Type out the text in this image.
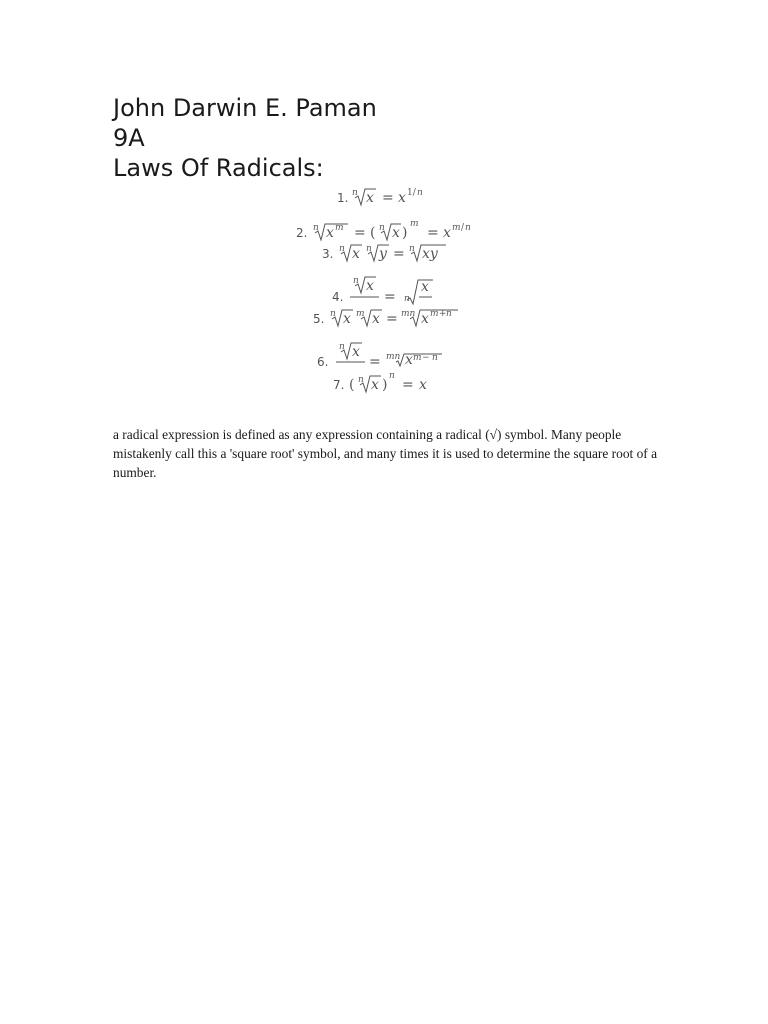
John Darwin E. Paman
9A
Laws Of Radicals:
1. n x = x 1/ n
2. n x m = ( n x )
m
= x m / n
3. n x n y = n xy
n x
4.	= n
x
5. n x m x = mn x m + n
n x
6.	= mn x m − n
7. ( n x )
n
= x

a radical expression is defined as any expression containing a radical (√) symbol. Many people mistakenly call this a 'square root' symbol, and many times it is used to determine the square root of a number.
